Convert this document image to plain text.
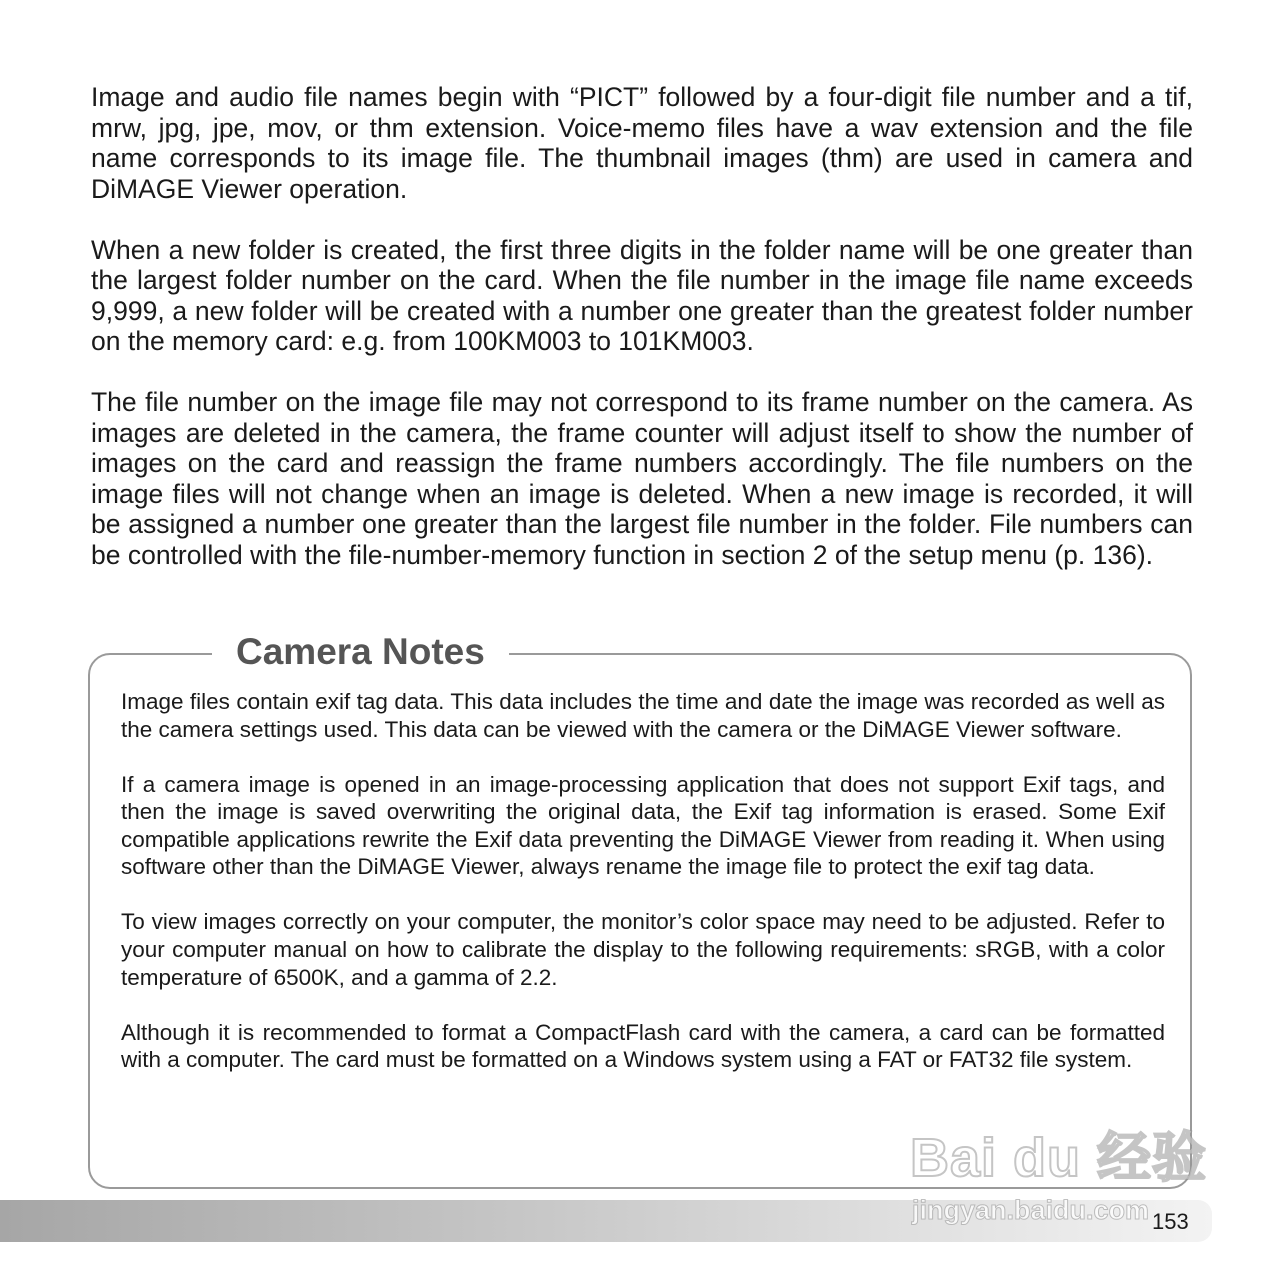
Image and audio file names begin with “PICT” followed by a four-digit file number and a tif, mrw, jpg, jpe, mov, or thm extension. Voice-memo files have a wav extension and the file name corresponds to its image file. The thumbnail images (thm) are used in camera and DiMAGE Viewer operation.

When a new folder is created, the first three digits in the folder name will be one greater than the largest folder number on the card. When the file number in the image file name exceeds 9,999, a new folder will be created with a number one greater than the greatest folder number on the memory card: e.g. from 100KM003 to 101KM003.

The file number on the image file may not correspond to its frame number on the camera. As images are deleted in the camera, the frame counter will adjust itself to show the number of images on the card and reassign the frame numbers accordingly. The file numbers on the image files will not change when an image is deleted. When a new image is recorded, it will be assigned a number one greater than the largest file number in the folder. File numbers can be controlled with the file-number-memory function in section 2 of the setup menu (p. 136).

Camera Notes

Image files contain exif tag data. This data includes the time and date the image was recorded as well as the camera settings used. This data can be viewed with the camera or the DiMAGE Viewer software.

If a camera image is opened in an image-processing application that does not support Exif tags, and then the image is saved overwriting the original data, the Exif tag information is erased. Some Exif compatible applications rewrite the Exif data preventing the DiMAGE Viewer from reading it. When using software other than the DiMAGE Viewer, always rename the image file to protect the exif tag data.

To view images correctly on your computer, the monitor’s color space may need to be adjusted. Refer to your computer manual on how to calibrate the display to the following requirements: sRGB, with a color temperature of 6500K, and a gamma of 2.2.

Although it is recommended to format a CompactFlash card with the camera, a card can be formatted with a computer. The card must be formatted on a Windows system using a FAT or FAT32 file system.

153
Bai du 经验
jingyan.baidu.com
